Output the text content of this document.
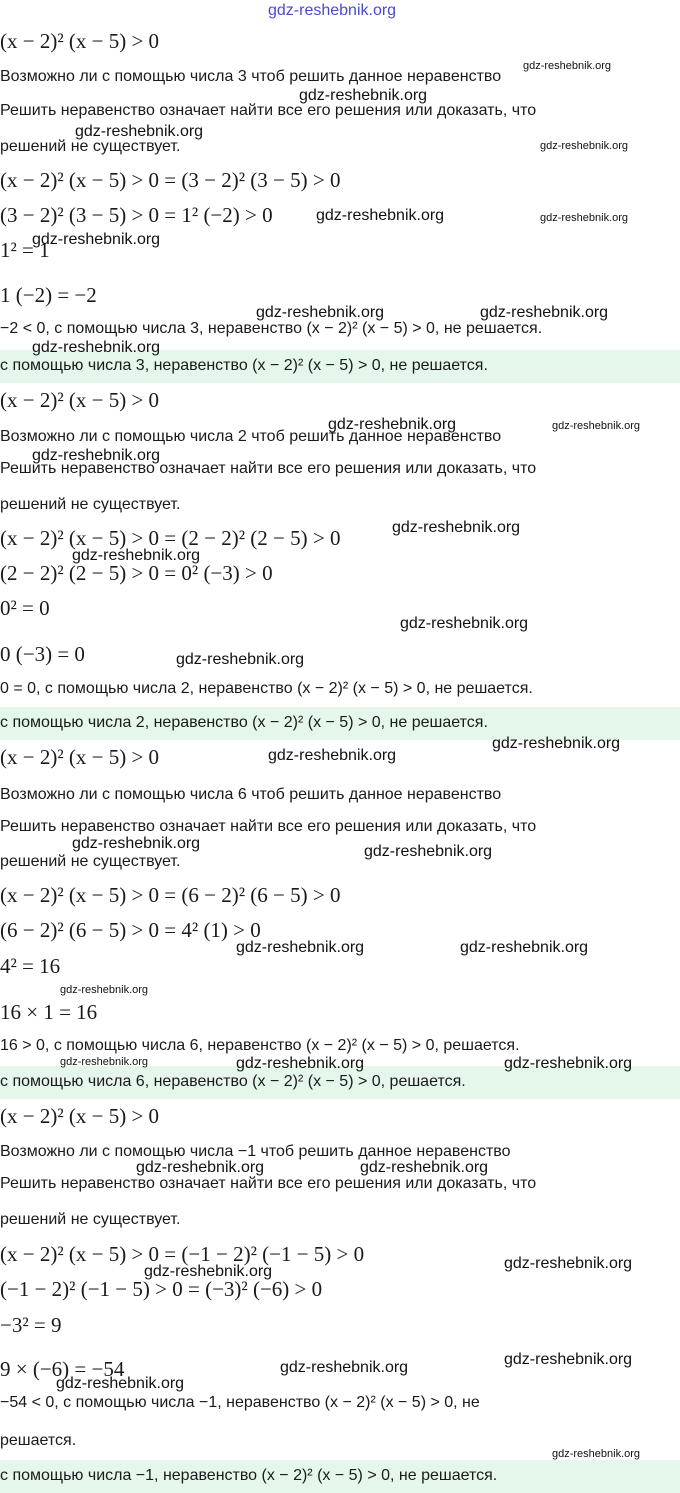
(x − 2)² (x − 5) > 0
Возможно ли с помощью числа 3 чтоб решить данное неравенство
Решить неравенство означает найти все его решения или доказать, что
решений не существует.
(x − 2)² (x − 5) > 0 = (3 − 2)² (3 − 5) > 0
(3 − 2)² (3 − 5) > 0 = 1² (−2) > 0
1² = 1
1 (−2) = −2
−2 < 0, с помощью числа 3, неравенство (x − 2)² (x − 5) > 0, не решается.
с помощью числа 3, неравенство (x − 2)² (x − 5) > 0, не решается.
(x − 2)² (x − 5) > 0
Возможно ли с помощью числа 2 чтоб решить данное неравенство
Решить неравенство означает найти все его решения или доказать, что
решений не существует.
(x − 2)² (x − 5) > 0 = (2 − 2)² (2 − 5) > 0
(2 − 2)² (2 − 5) > 0 = 0² (−3) > 0
0² = 0
0 (−3) = 0
0 = 0, с помощью числа 2, неравенство (x − 2)² (x − 5) > 0, не решается.
с помощью числа 2, неравенство (x − 2)² (x − 5) > 0, не решается.
(x − 2)² (x − 5) > 0
Возможно ли с помощью числа 6 чтоб решить данное неравенство
Решить неравенство означает найти все его решения или доказать, что
решений не существует.
(x − 2)² (x − 5) > 0 = (6 − 2)² (6 − 5) > 0
(6 − 2)² (6 − 5) > 0 = 4² (1) > 0
4² = 16
16 × 1 = 16
16 > 0, с помощью числа 6, неравенство (x − 2)² (x − 5) > 0, решается.
с помощью числа 6, неравенство (x − 2)² (x − 5) > 0, решается.
(x − 2)² (x − 5) > 0
Возможно ли с помощью числа −1 чтоб решить данное неравенство
Решить неравенство означает найти все его решения или доказать, что
решений не существует.
(x − 2)² (x − 5) > 0 = (−1 − 2)² (−1 − 5) > 0
(−1 − 2)² (−1 − 5) > 0 = (−3)² (−6) > 0
−3² = 9
9 × (−6) = −54
−54 < 0, с помощью числа −1, неравенство (x − 2)² (x − 5) > 0, не
решается.
с помощью числа −1, неравенство (x − 2)² (x − 5) > 0, не решается.
gdz-reshebnik.org
gdz-reshebnik.org
gdz-reshebnik.org
gdz-reshebnik.org
gdz-reshebnik.org
gdz-reshebnik.org	gdz-reshebnik.org
gdz-reshebnik.org
gdz-reshebnik.org	gdz-reshebnik.org
gdz-reshebnik.org
gdz-reshebnik.org	gdz-reshebnik.org
gdz-reshebnik.org
gdz-reshebnik.org
gdz-reshebnik.org
gdz-reshebnik.org
gdz-reshebnik.org
gdz-reshebnik.org
gdz-reshebnik.org
gdz-reshebnik.org	gdz-reshebnik.org
gdz-reshebnik.org	gdz-reshebnik.org
gdz-reshebnik.org
gdz-reshebnik.org	gdz-reshebnik.org	gdz-reshebnik.org
gdz-reshebnik.org	gdz-reshebnik.org
gdz-reshebnik.org
gdz-reshebnik.org
gdz-reshebnik.org
gdz-reshebnik.org
gdz-reshebnik.org
gdz-reshebnik.org
